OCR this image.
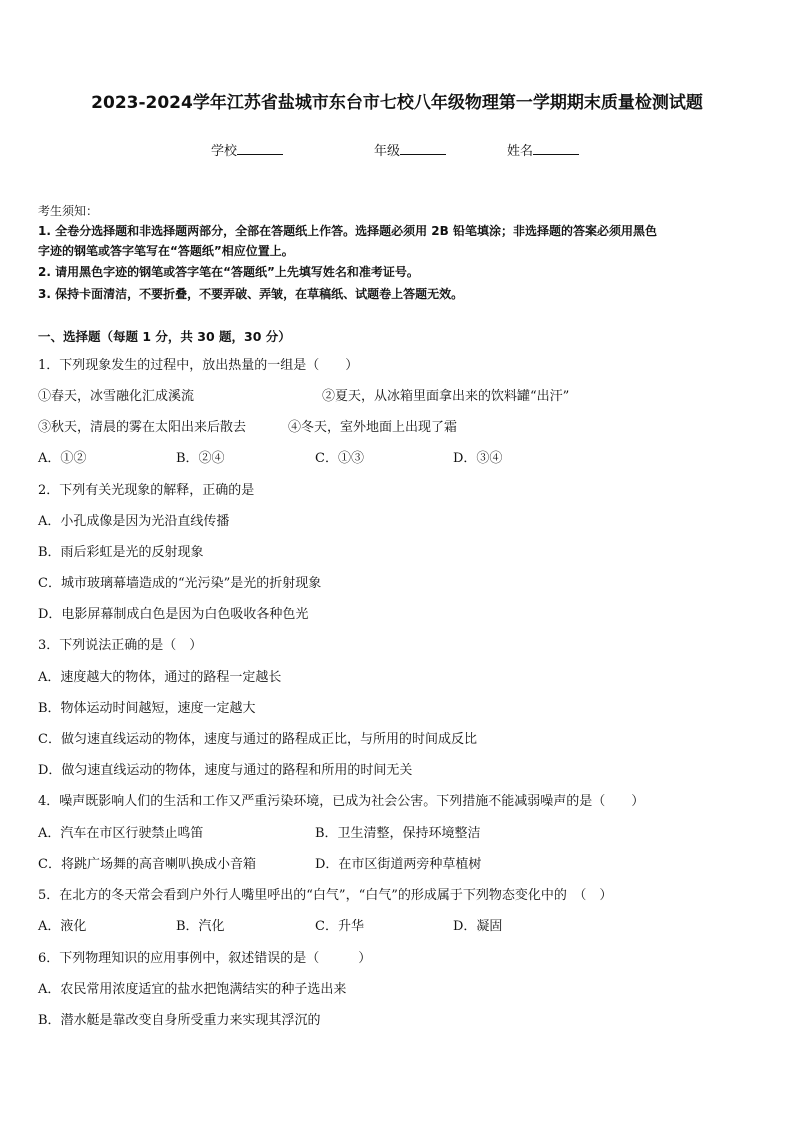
2023-2024学年江苏省盐城市东台市七校八年级物理第一学期期末质量检测试题
学校	年级	姓名
考生须知：
1. 全卷分选择题和非选择题两部分，全部在答题纸上作答。选择题必须用 2B 铅笔填涂；非选择题的答案必须用黑色
字迹的钢笔或答字笔写在“答题纸”相应位置上。
2. 请用黑色字迹的钢笔或答字笔在“答题纸”上先填写姓名和准考证号。
3. 保持卡面清洁，不要折叠，不要弄破、弄皱，在草稿纸、试题卷上答题无效。
一、选择题（每题 1 分，共 30 题，30 分）
1．下列现象发生的过程中，放出热量的一组是（　　）
①春天，冰雪融化汇成溪流	②夏天，从冰箱里面拿出来的饮料罐“出汗”
③秋天，清晨的雾在太阳出来后散去	④冬天，室外地面上出现了霜
A．①②	B．②④	C．①③	D．③④
2．下列有关光现象的解释，正确的是
A．小孔成像是因为光沿直线传播
B．雨后彩虹是光的反射现象
C．城市玻璃幕墙造成的“光污染”是光的折射现象
D．电影屏幕制成白色是因为白色吸收各种色光
3．下列说法正确的是（　）
A．速度越大的物体，通过的路程一定越长
B．物体运动时间越短，速度一定越大
C．做匀速直线运动的物体，速度与通过的路程成正比，与所用的时间成反比
D．做匀速直线运动的物体，速度与通过的路程和所用的时间无关
4．噪声既影响人们的生活和工作又严重污染环境，已成为社会公害。下列措施不能减弱噪声的是（　　）
A．汽车在市区行驶禁止鸣笛	B．卫生清整，保持环境整洁
C．将跳广场舞的高音喇叭换成小音箱	D．在市区街道两旁种草植树
5．在北方的冬天常会看到户外行人嘴里呼出的“白气”，“白气”的形成属于下列物态变化中的　（　）
A．液化	B．汽化	C．升华	D．凝固
6．下列物理知识的应用事例中，叙述错误的是（　　　）
A．农民常用浓度适宜的盐水把饱满结实的种子选出来
B．潜水艇是靠改变自身所受重力来实现其浮沉的
